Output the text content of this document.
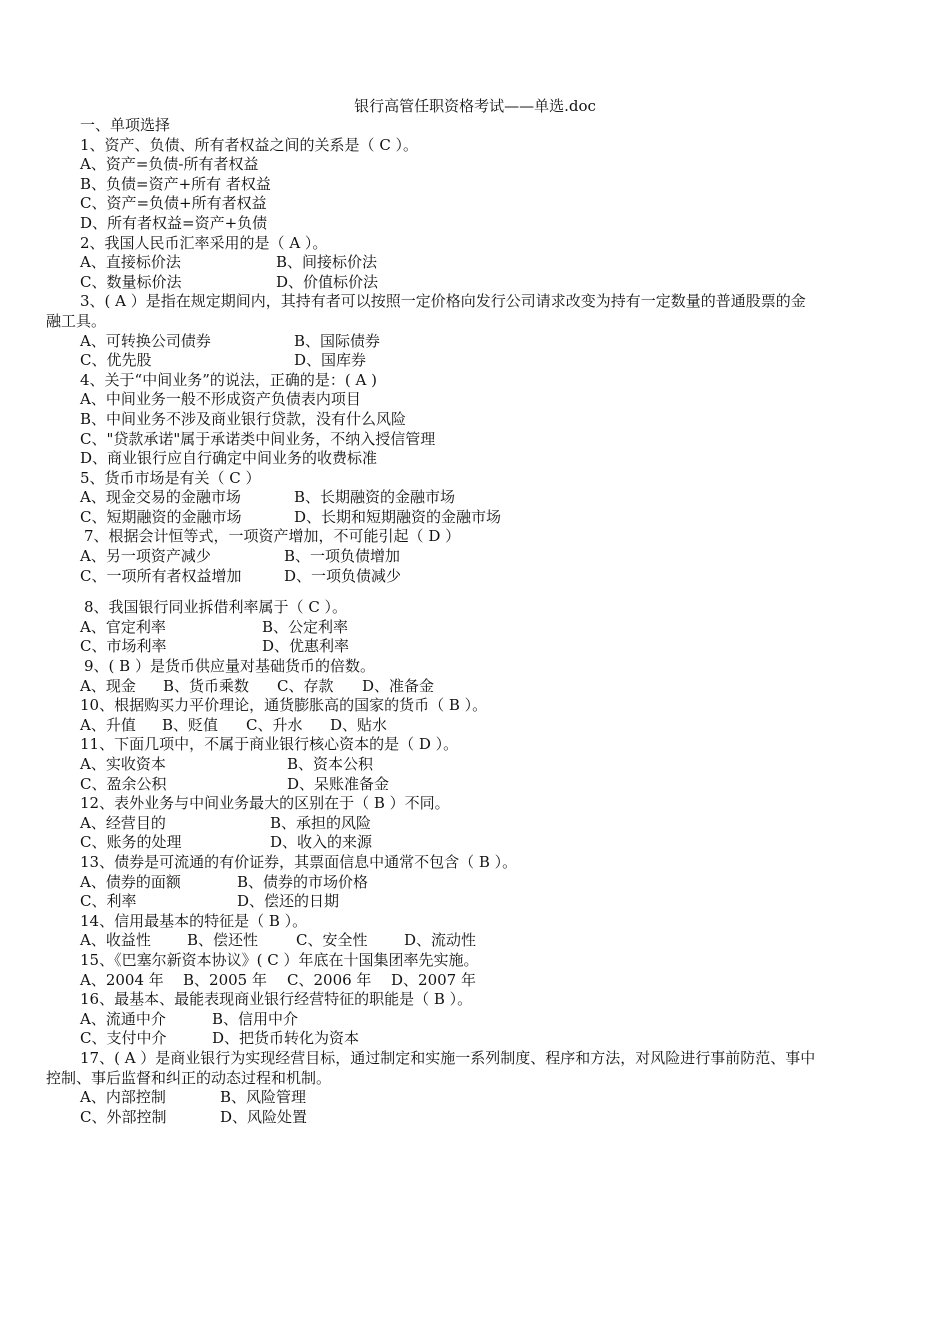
银行高管任职资格考试——单选.doc
一、单项选择
1、资产、负债、所有者权益之间的关系是（ C ）。
A、资产=负债-所有者权益
B、负债=资产+所有 者权益
C、资产=负债+所有者权益
D、所有者权益=资产+负债
2、我国人民币汇率采用的是（ A ）。
A、直接标价法	B、间接标价法
C、数量标价法	D、价值标价法
3、( A ）是指在规定期间内，其持有者可以按照一定价格向发行公司请求改变为持有一定数量的普通股票的金
融工具。
A、可转换公司债券	B、国际债券
C、优先股	D、国库券
4、关于“中间业务”的说法，正确的是：( A )
A、中间业务一般不形成资产负债表内项目
B、中间业务不涉及商业银行贷款，没有什么风险
C、"贷款承诺"属于承诺类中间业务，不纳入授信管理
D、商业银行应自行确定中间业务的收费标准
5、货币市场是有关（ C ）
A、现金交易的金融市场	B、长期融资的金融市场
C、短期融资的金融市场	D、长期和短期融资的金融市场
7、根据会计恒等式，一项资产增加，不可能引起（ D ）
A、另一项资产减少	B、一项负债增加
C、一项所有者权益增加	D、一项负债减少
8、我国银行同业拆借利率属于（ C ）。
A、官定利率	B、公定利率
C、市场利率	D、优惠利率
9、( B ）是货币供应量对基础货币的倍数。
A、现金 B、货币乘数 C、存款 D、准备金
10、根据购买力平价理论，通货膨胀高的国家的货币（ B ）。
A、升值 B、贬值 C、升水 D、贴水
11、下面几项中，不属于商业银行核心资本的是（ D ）。
A、实收资本	B、资本公积
C、盈余公积	D、呆账准备金
12、表外业务与中间业务最大的区别在于（ B ）不同。
A、经营目的	B、承担的风险
C、账务的处理	D、收入的来源
13、债券是可流通的有价证券，其票面信息中通常不包含（ B ）。
A、债券的面额	B、债券的市场价格
C、利率	D、偿还的日期
14、信用最基本的特征是（ B ）。
A、收益性 B、偿还性	C、安全性 D、流动性
15、《巴塞尔新资本协议》( C ）年底在十国集团率先实施。
A、2004 年 B、2005 年 C、2006 年 D、2007 年
16、最基本、最能表现商业银行经营特征的职能是（ B ）。
A、流通中介	B、信用中介
C、支付中介	D、把货币转化为资本
17、( A ）是商业银行为实现经营目标，通过制定和实施一系列制度、程序和方法，对风险进行事前防范、事中
控制、事后监督和纠正的动态过程和机制。
A、内部控制	B、风险管理
C、外部控制	D、风险处置
